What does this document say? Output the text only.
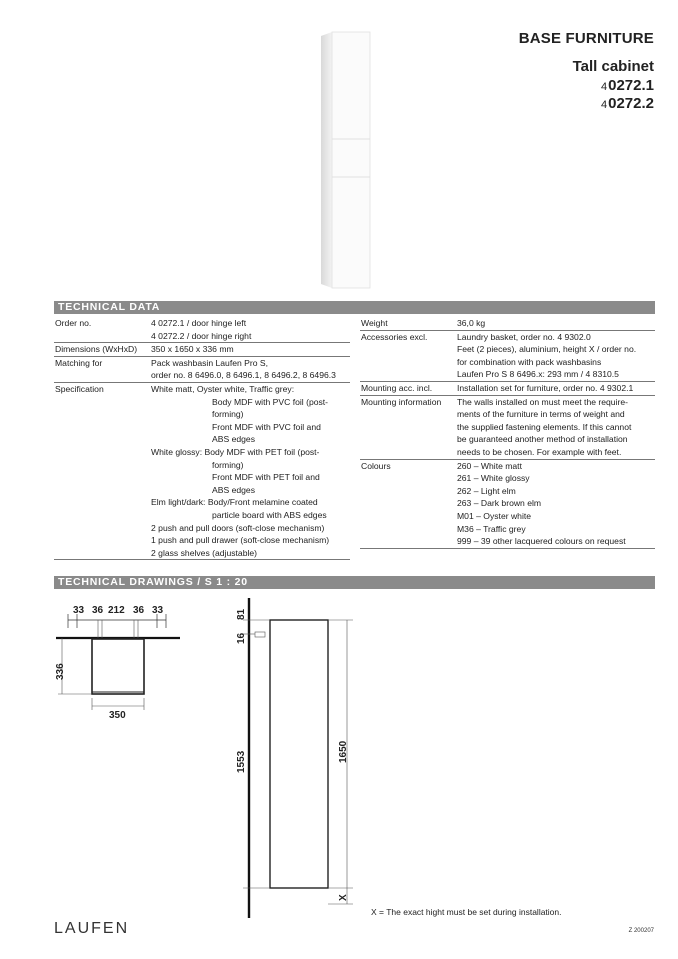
BASE FURNITURE
Tall cabinet
40272.1
40272.2
TECHNICAL DATA
Order no.	4 0272.1 / door hinge left
	4 0272.2 / door hinge right
Dimensions (WxHxD)	350 x 1650 x 336 mm
Matching for	Pack washbasin Laufen Pro S,
	order no. 8 6496.0, 8 6496.1, 8 6496.2, 8 6496.3
Specification	White matt, Oyster white, Traffic grey:
	Body MDF with PVC foil (post-
	forming)
	Front MDF with PVC foil and
	ABS edges
	White glossy: Body MDF with PET foil (post-
	forming)
	Front MDF with PET foil and
	ABS edges
	Elm light/dark: Body/Front melamine coated
	particle board with ABS edges
	2 push and pull doors (soft-close mechanism)
	1 push and pull drawer (soft-close mechanism)
	2 glass shelves (adjustable)
Weight	36,0 kg
Accessories excl.	Laundry basket, order no. 4 9302.0
	Feet (2 pieces), aluminium, height X / order no.
	for combination with pack washbasins
	Laufen Pro S 8 6496.x: 293 mm / 4 8310.5
Mounting acc. incl.	Installation set for furniture, order no. 4 9302.1
Mounting information	The walls installed on must meet the require-
	ments of the furniture in terms of weight and
	the supplied fastening elements. If this cannot
	be guaranteed another method of installation
	needs to be chosen. For example with feet.
Colours	260 – White matt
	261 – White glossy
	262 – Light elm
	263 – Dark brown elm
	M01 – Oyster white
	M36 – Traffic grey
	999 – 39 other lacquered colours on request
TECHNICAL DRAWINGS / S 1 : 20
33 36 212 36 33
336
350
81
16
1553	1650
X
X = The exact hight must be set during installation.
LAUFEN	Z 200207
